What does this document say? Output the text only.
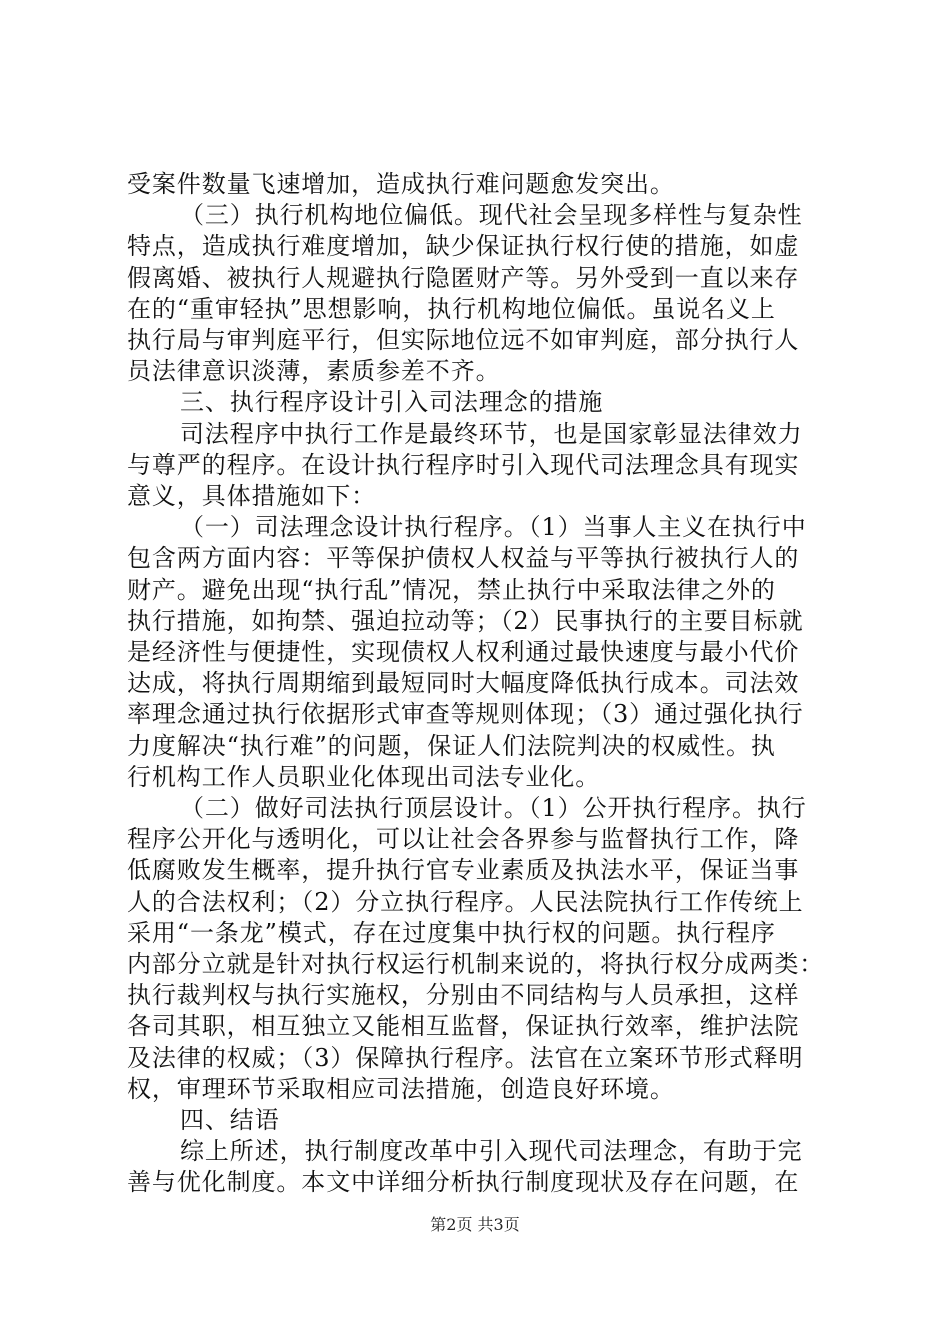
受案件数量飞速增加，造成执行难问题愈发突出。
（三）执行机构地位偏低。现代社会呈现多样性与复杂性
特点，造成执行难度增加，缺少保证执行权行使的措施，如虚
假离婚、被执行人规避执行隐匿财产等。另外受到一直以来存
在的“重审轻执”思想影响，执行机构地位偏低。虽说名义上
执行局与审判庭平行，但实际地位远不如审判庭，部分执行人
员法律意识淡薄，素质参差不齐。
三、执行程序设计引入司法理念的措施
司法程序中执行工作是最终环节，也是国家彰显法律效力
与尊严的程序。在设计执行程序时引入现代司法理念具有现实
意义，具体措施如下：
（一）司法理念设计执行程序。（1）当事人主义在执行中
包含两方面内容：平等保护债权人权益与平等执行被执行人的
财产。避免出现“执行乱”情况，禁止执行中采取法律之外的
执行措施，如拘禁、强迫拉动等；（2）民事执行的主要目标就
是经济性与便捷性，实现债权人权利通过最快速度与最小代价
达成，将执行周期缩到最短同时大幅度降低执行成本。司法效
率理念通过执行依据形式审查等规则体现；（3）通过强化执行
力度解决“执行难”的问题，保证人们法院判决的权威性。执
行机构工作人员职业化体现出司法专业化。
（二）做好司法执行顶层设计。（1）公开执行程序。执行
程序公开化与透明化，可以让社会各界参与监督执行工作，降
低腐败发生概率，提升执行官专业素质及执法水平，保证当事
人的合法权利；（2）分立执行程序。人民法院执行工作传统上
采用“一条龙”模式，存在过度集中执行权的问题。执行程序
内部分立就是针对执行权运行机制来说的，将执行权分成两类：
执行裁判权与执行实施权，分别由不同结构与人员承担，这样
各司其职，相互独立又能相互监督，保证执行效率，维护法院
及法律的权威；（3）保障执行程序。法官在立案环节形式释明
权，审理环节采取相应司法措施，创造良好环境。
四、结语
综上所述，执行制度改革中引入现代司法理念，有助于完
善与优化制度。本文中详细分析执行制度现状及存在问题，在
第2页 共3页
